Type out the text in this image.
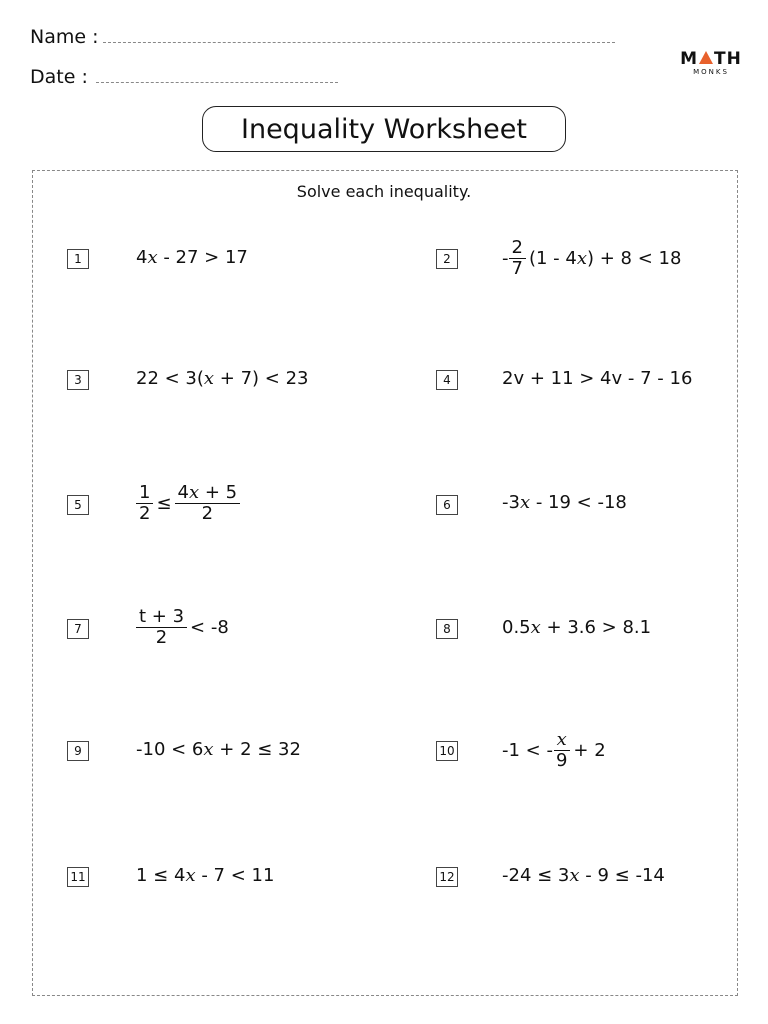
Name :
Date :
M TH
MONKS
Inequality Worksheet
Solve each inequality.
1	4 x - 27 > 17	2	- $\frac{2}{7} (1 - 4$ x ) + 8 < 18
3	22 < 3( x + 7) < 23	4	2v + 11 > 4v - 7 - 16
5	$\frac{1}{2} \le \frac{4x + 5}{2}$	6	-3 x - 19 < -18
7	$\frac{t + 3}{2} < -8$	8	0.5 x + 3.6 > 8.1
9	-10 < 6 x + 2 ≤ 32	10	-1 < - $\frac{x}{9} + 2$
11	1 ≤ 4 x - 7 < 11	12	-24 ≤ 3 x - 9 ≤ -14
